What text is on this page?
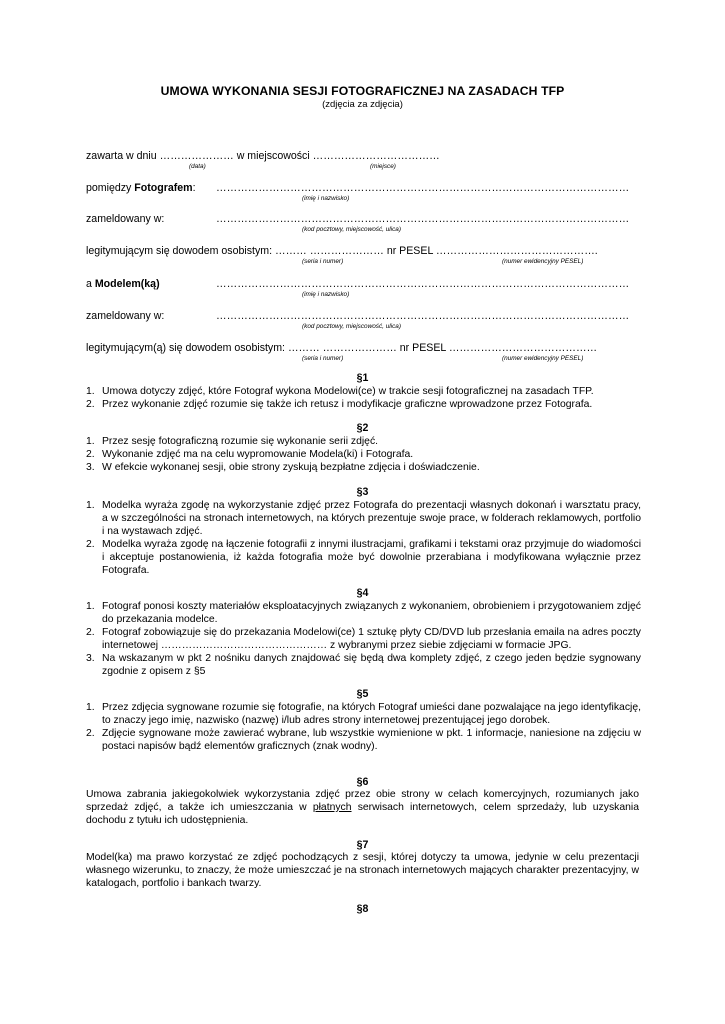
UMOWA WYKONANIA SESJI FOTOGRAFICZNEJ NA ZASADACH TFP
(zdjęcia za zdjęcia)
zawarta w dniu ………………… w miejscowości ………………………………
(data)	(miejsce)
pomiędzy Fotografem: ………………………………………………………………………………………………………
(imię i nazwisko)
zameldowany w:	………………………………………………………………………………………………………
(kod pocztowy, miejscowość, ulica)
legitymującym się dowodem osobistym: ……… ………………… nr PESEL ……………………………………….
(seria i numer)	(numer ewidencyjny PESEL)
a Modelem(ką)	………………………………………………………………………………………………………
(imię i nazwisko)
zameldowany w:	………………………………………………………………………………………………………
(kod pocztowy, miejscowość, ulica)
legitymującym(ą) się dowodem osobistym: ……… ………………… nr PESEL ……………………………………
(seria i numer)	(numer ewidencyjny PESEL)
§1
1. Umowa dotyczy zdjęć, które Fotograf wykona Modelowi(ce) w trakcie sesji fotograficznej na zasadach TFP.
2. Przez wykonanie zdjęć rozumie się także ich retusz i modyfikacje graficzne wprowadzone przez Fotografa.
§2
1. Przez sesję fotograficzną rozumie się wykonanie serii zdjęć.
2. Wykonanie zdjęć ma na celu wypromowanie Modela(ki) i Fotografa.
3. W efekcie wykonanej sesji, obie strony zyskują bezpłatne zdjęcia i doświadczenie.
§3
1. Modelka wyraża zgodę na wykorzystanie zdjęć przez Fotografa do prezentacji własnych dokonań i warsztatu pracy, a w szczególności na stronach internetowych, na których prezentuje swoje prace, w folderach reklamowych, portfolio i na wystawach zdjęć.
2. Modelka wyraża zgodę na łączenie fotografii z innymi ilustracjami, grafikami i tekstami oraz przyjmuje do wiadomości i akceptuje postanowienia, iż każda fotografia może być dowolnie przerabiana i modyfikowana wyłącznie przez Fotografa.
§4
1. Fotograf ponosi koszty materiałów eksploatacyjnych związanych z wykonaniem, obrobieniem i przygotowaniem zdjęć do przekazania modelce.
2. Fotograf zobowiązuje się do przekazania Modelowi(ce) 1 sztukę płyty CD/DVD lub przesłania emaila na adres poczty internetowej ………………………………………… z wybranymi przez siebie zdjęciami w formacie JPG.
3. Na wskazanym w pkt 2 nośniku danych znajdować się będą dwa komplety zdjęć, z czego jeden będzie sygnowany zgodnie z opisem z §5
§5
1. Przez zdjęcia sygnowane rozumie się fotografie, na których Fotograf umieści dane pozwalające na jego identyfikację, to znaczy jego imię, nazwisko (nazwę) i/lub adres strony internetowej prezentującej jego dorobek.
2. Zdjęcie sygnowane może zawierać wybrane, lub wszystkie wymienione w pkt. 1 informacje, naniesione na zdjęciu w postaci napisów bądź elementów graficznych (znak wodny).
§6
Umowa zabrania jakiegokolwiek wykorzystania zdjęć przez obie strony w celach komercyjnych, rozumianych jako sprzedaż zdjęć, a także ich umieszczania w płatnych serwisach internetowych, celem sprzedaży, lub uzyskania dochodu z tytułu ich udostępnienia.
§7
Model(ka) ma prawo korzystać ze zdjęć pochodzących z sesji, której dotyczy ta umowa, jedynie w celu prezentacji własnego wizerunku, to znaczy, że może umieszczać je na stronach internetowych mających charakter prezentacyjny, w katalogach, portfolio i bankach twarzy.
§8
